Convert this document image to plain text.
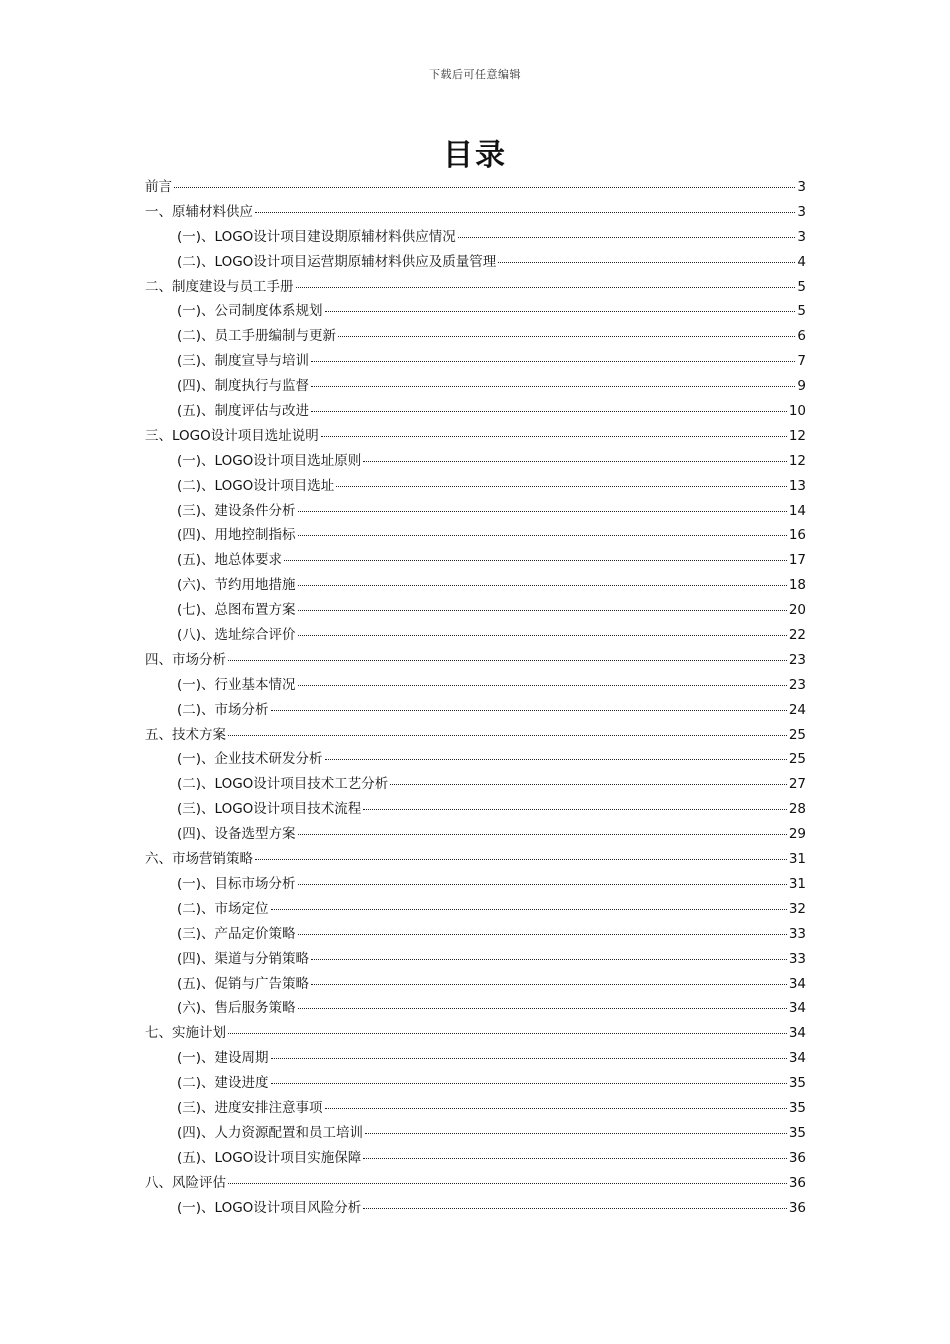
下载后可任意编辑
目录
前言	3
一、原辅材料供应	3
(一)、LOGO设计项目建设期原辅材料供应情况	3
(二)、LOGO设计项目运营期原辅材料供应及质量管理	4
二、制度建设与员工手册	5
(一)、公司制度体系规划	5
(二)、员工手册编制与更新	6
(三)、制度宣导与培训	7
(四)、制度执行与监督	9
(五)、制度评估与改进	10
三、LOGO设计项目选址说明	12
(一)、LOGO设计项目选址原则	12
(二)、LOGO设计项目选址	13
(三)、建设条件分析	14
(四)、用地控制指标	16
(五)、地总体要求	17
(六)、节约用地措施	18
(七)、总图布置方案	20
(八)、选址综合评价	22
四、市场分析	23
(一)、行业基本情况	23
(二)、市场分析	24
五、技术方案	25
(一)、企业技术研发分析	25
(二)、LOGO设计项目技术工艺分析	27
(三)、LOGO设计项目技术流程	28
(四)、设备选型方案	29
六、市场营销策略	31
(一)、目标市场分析	31
(二)、市场定位	32
(三)、产品定价策略	33
(四)、渠道与分销策略	33
(五)、促销与广告策略	34
(六)、售后服务策略	34
七、实施计划	34
(一)、建设周期	34
(二)、建设进度	35
(三)、进度安排注意事项	35
(四)、人力资源配置和员工培训	35
(五)、LOGO设计项目实施保障	36
八、风险评估	36
(一)、LOGO设计项目风险分析	36
